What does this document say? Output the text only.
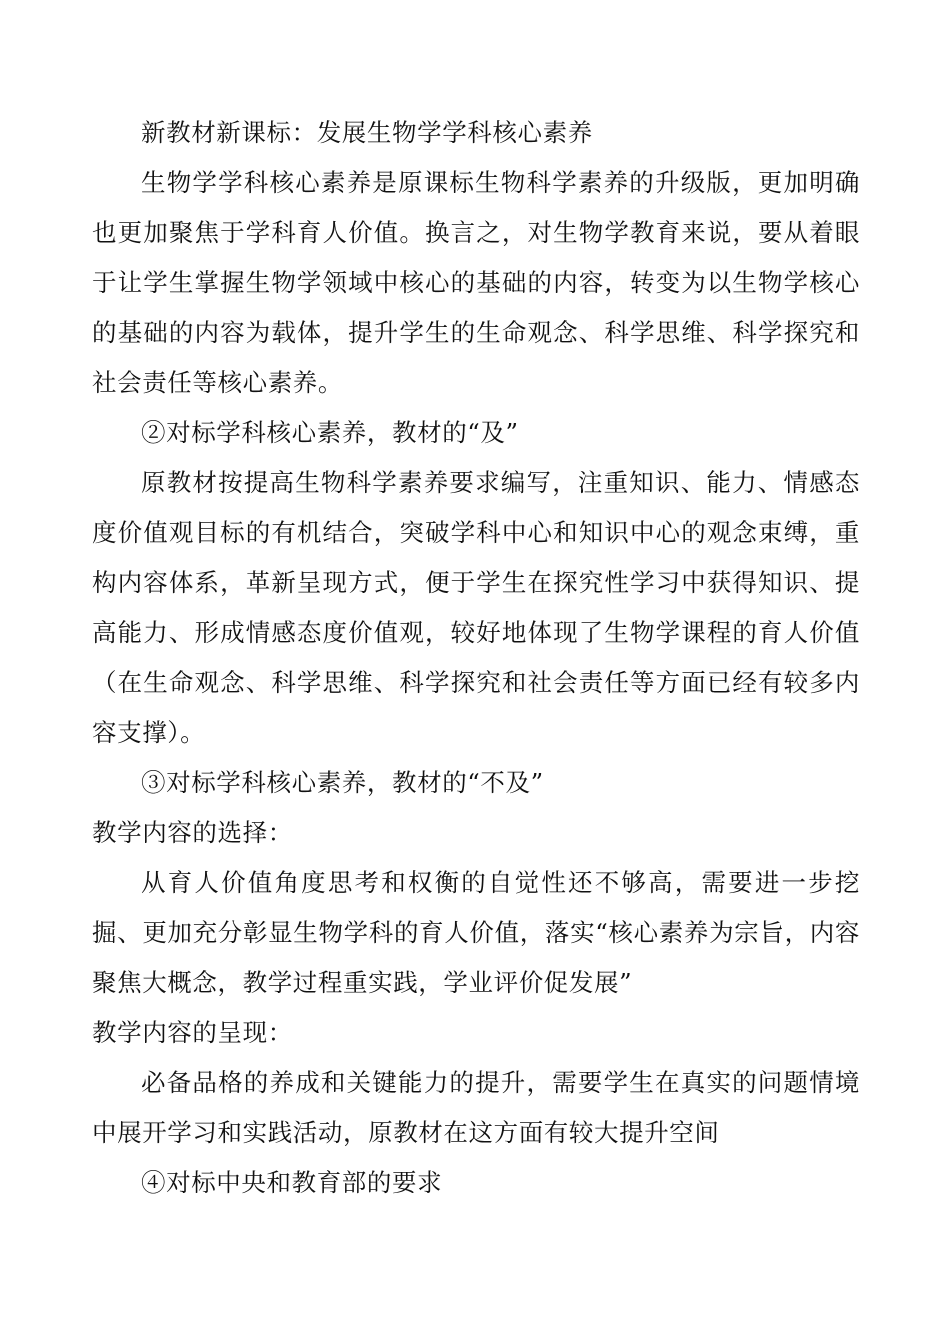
新教材新课标：发展生物学学科核心素养

生物学学科核心素养是原课标生物科学素养的升级版，更加明确也更加聚焦于学科育人价值。换言之，对生物学教育来说，要从着眼于让学生掌握生物学领域中核心的基础的内容，转变为以生物学核心的基础的内容为载体，提升学生的生命观念、科学思维、科学探究和社会责任等核心素养。

②对标学科核心素养，教材的“及”

原教材按提高生物科学素养要求编写，注重知识、能力、情感态度价值观目标的有机结合，突破学科中心和知识中心的观念束缚，重构内容体系，革新呈现方式，便于学生在探究性学习中获得知识、提高能力、形成情感态度价值观，较好地体现了生物学课程的育人价值（在生命观念、科学思维、科学探究和社会责任等方面已经有较多内容支撑）。

③对标学科核心素养，教材的“不及”

教学内容的选择：

从育人价值角度思考和权衡的自觉性还不够高，需要进一步挖掘、更加充分彰显生物学科的育人价值，落实“核心素养为宗旨，内容聚焦大概念，教学过程重实践，学业评价促发展”

教学内容的呈现：

必备品格的养成和关键能力的提升，需要学生在真实的问题情境中展开学习和实践活动，原教材在这方面有较大提升空间

④对标中央和教育部的要求
